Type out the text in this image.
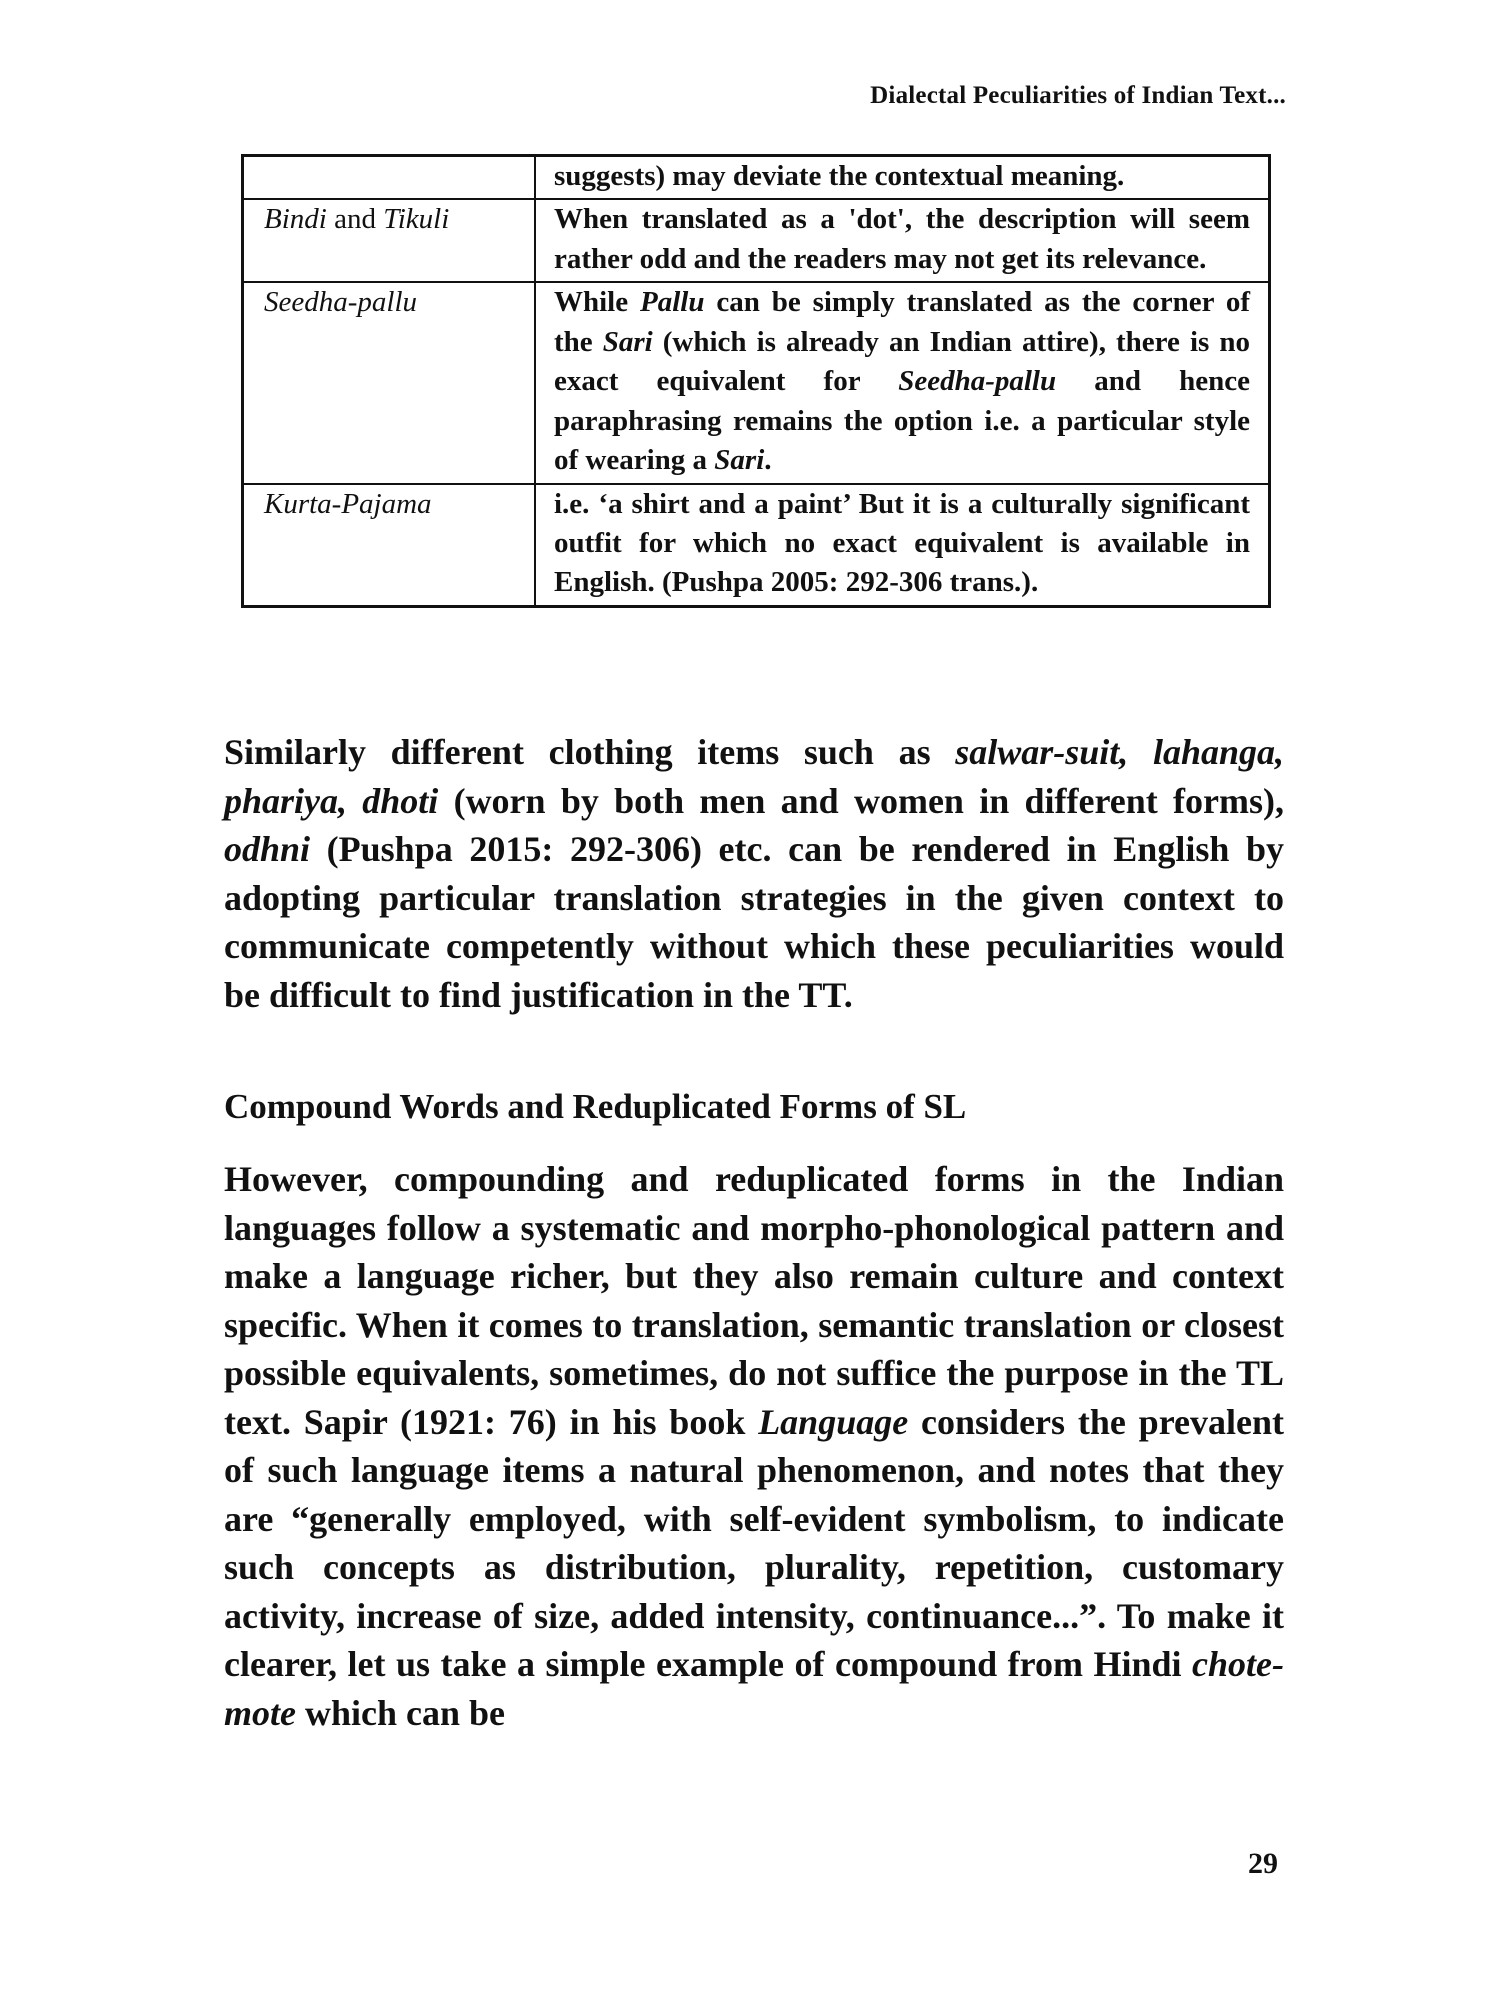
Dialectal Peculiarities of Indian Text...
	suggests) may deviate the contextual meaning.
Bindi and Tikuli	When translated as a 'dot', the description will seem rather odd and the readers may not get its relevance.
Seedha-pallu	While Pallu can be simply translated as the corner of the Sari (which is already an Indian attire), there is no exact equivalent for Seedha-pallu and hence paraphrasing remains the option i.e. a particular style of wearing a Sari.
Kurta-Pajama	i.e. ‘a shirt and a paint’ But it is a culturally significant outfit for which no exact equivalent is available in English. (Pushpa 2005: 292-306 trans.).

Similarly different clothing items such as salwar-suit, lahanga, phariya, dhoti (worn by both men and women in different forms), odhni (Pushpa 2015: 292-306) etc. can be rendered in English by adopting particular translation strategies in the given context to communicate competently without which these peculiarities would be difficult to find justification in the TT.

Compound Words and Reduplicated Forms of SL

However, compounding and reduplicated forms in the Indian languages follow a systematic and morpho-phonological pattern and make a language richer, but they also remain culture and context specific. When it comes to translation, semantic translation or closest possible equivalents, sometimes, do not suffice the purpose in the TL text. Sapir (1921: 76) in his book Language considers the prevalent of such language items a natural phenomenon, and notes that they are “generally employed, with self-evident symbolism, to indicate such concepts as distribution, plurality, repetition, customary activity, increase of size, added intensity, continuance...”. To make it clearer, let us take a simple example of compound from Hindi chote-mote which can be

29
